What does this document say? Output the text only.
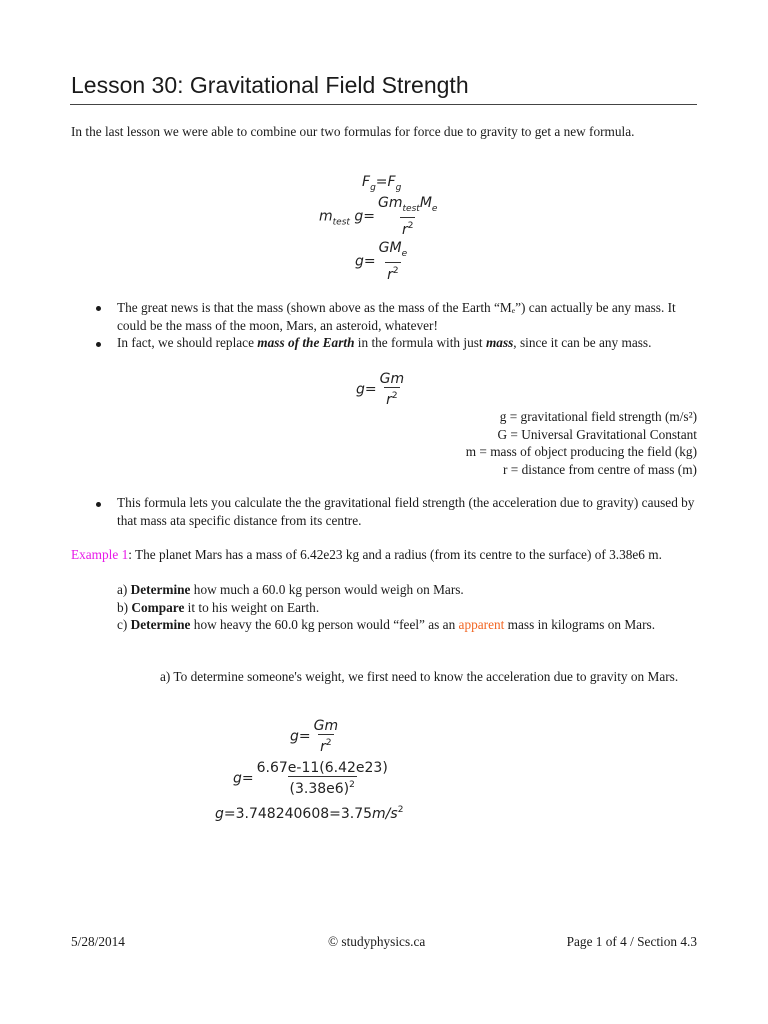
Lesson 30: Gravitational Field Strength
In the last lesson we were able to combine our two formulas for force due to gravity to get a new formula.
$F_g=F_g$
$m_{test}$ $g= \frac{Gm_{test}M_e}{r^2}$
$g= \frac{GM_e}{r^2}$
The great news is that the mass (shown above as the mass of the Earth “Mₑ”) can actually be any mass. It could be the mass of the moon, Mars, an asteroid, whatever!
In fact, we should replace mass of the Earth in the formula with just mass, since it can be any mass.
$g= \frac{Gm}{r^2}$
g = gravitational field strength (m/s²)
G = Universal Gravitational Constant
m = mass of object producing the field (kg)
r = distance from centre of mass (m)
This formula lets you calculate the the gravitational field strength (the acceleration due to gravity) caused by that mass ata specific distance from its centre.
Example 1: The planet Mars has a mass of 6.42e23 kg and a radius (from its centre to the surface) of 3.38e6 m.
a) Determine how much a 60.0 kg person would weigh on Mars.
b) Compare it to his weight on Earth.
c) Determine how heavy the 60.0 kg person would “feel” as an apparent mass in kilograms on Mars.
a) To determine someone's weight, we first need to know the acceleration due to gravity on Mars.
$g= \frac{Gm}{r^2}$
$g= \frac{6.67e-11(6.42e23)}{(3.38e6)^2}$
$g=3.748240608=3.75m/s^2$
5/28/2014	© studyphysics.ca	Page 1 of 4 / Section 4.3
